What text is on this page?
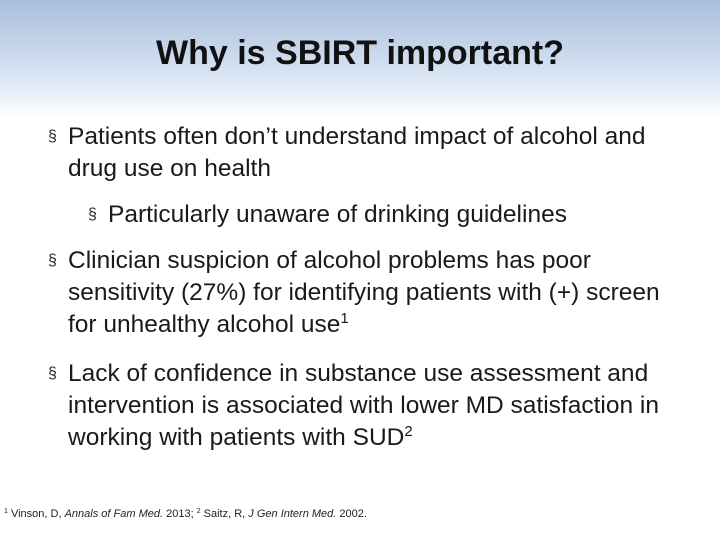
Why is SBIRT important?
§ Patients often don’t understand impact of alcohol and drug use on health
§ Particularly unaware of drinking guidelines
§ Clinician suspicion of alcohol problems has poor sensitivity (27%) for identifying patients with (+) screen for unhealthy alcohol use$^1$
§ Lack of confidence in substance use assessment and intervention is associated with lower MD satisfaction in working with patients with SUD$^2$
$^1$ Vinson, D, Annals of Fam Med. 2013; $^2$ Saitz, R, J Gen Intern Med. 2002.
